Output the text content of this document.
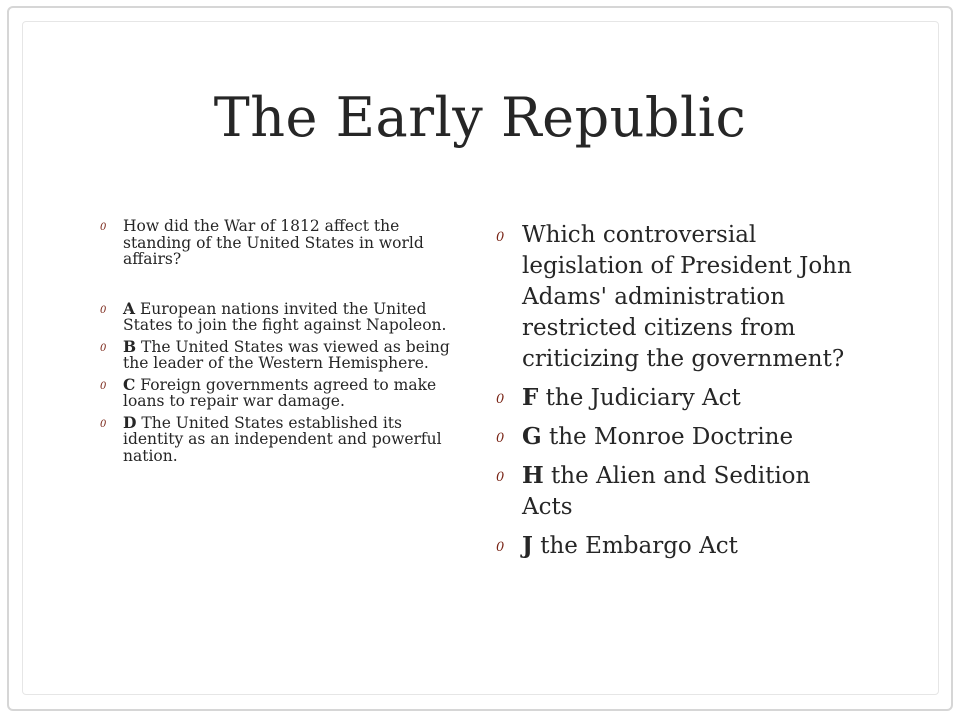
The Early Republic
0 How did the War of 1812 affect the standing of the United States in world affairs?
0 A European nations invited the United States to join the fight against Napoleon.
0 B The United States was viewed as being the leader of the Western Hemisphere.
0 C Foreign governments agreed to make loans to repair war damage.
0 D The United States established its identity as an independent and powerful nation.
0 Which controversial legislation of President John Adams' administration restricted citizens from criticizing the government?
0 F the Judiciary Act
0 G the Monroe Doctrine
0 H the Alien and Sedition Acts
0 J the Embargo Act
